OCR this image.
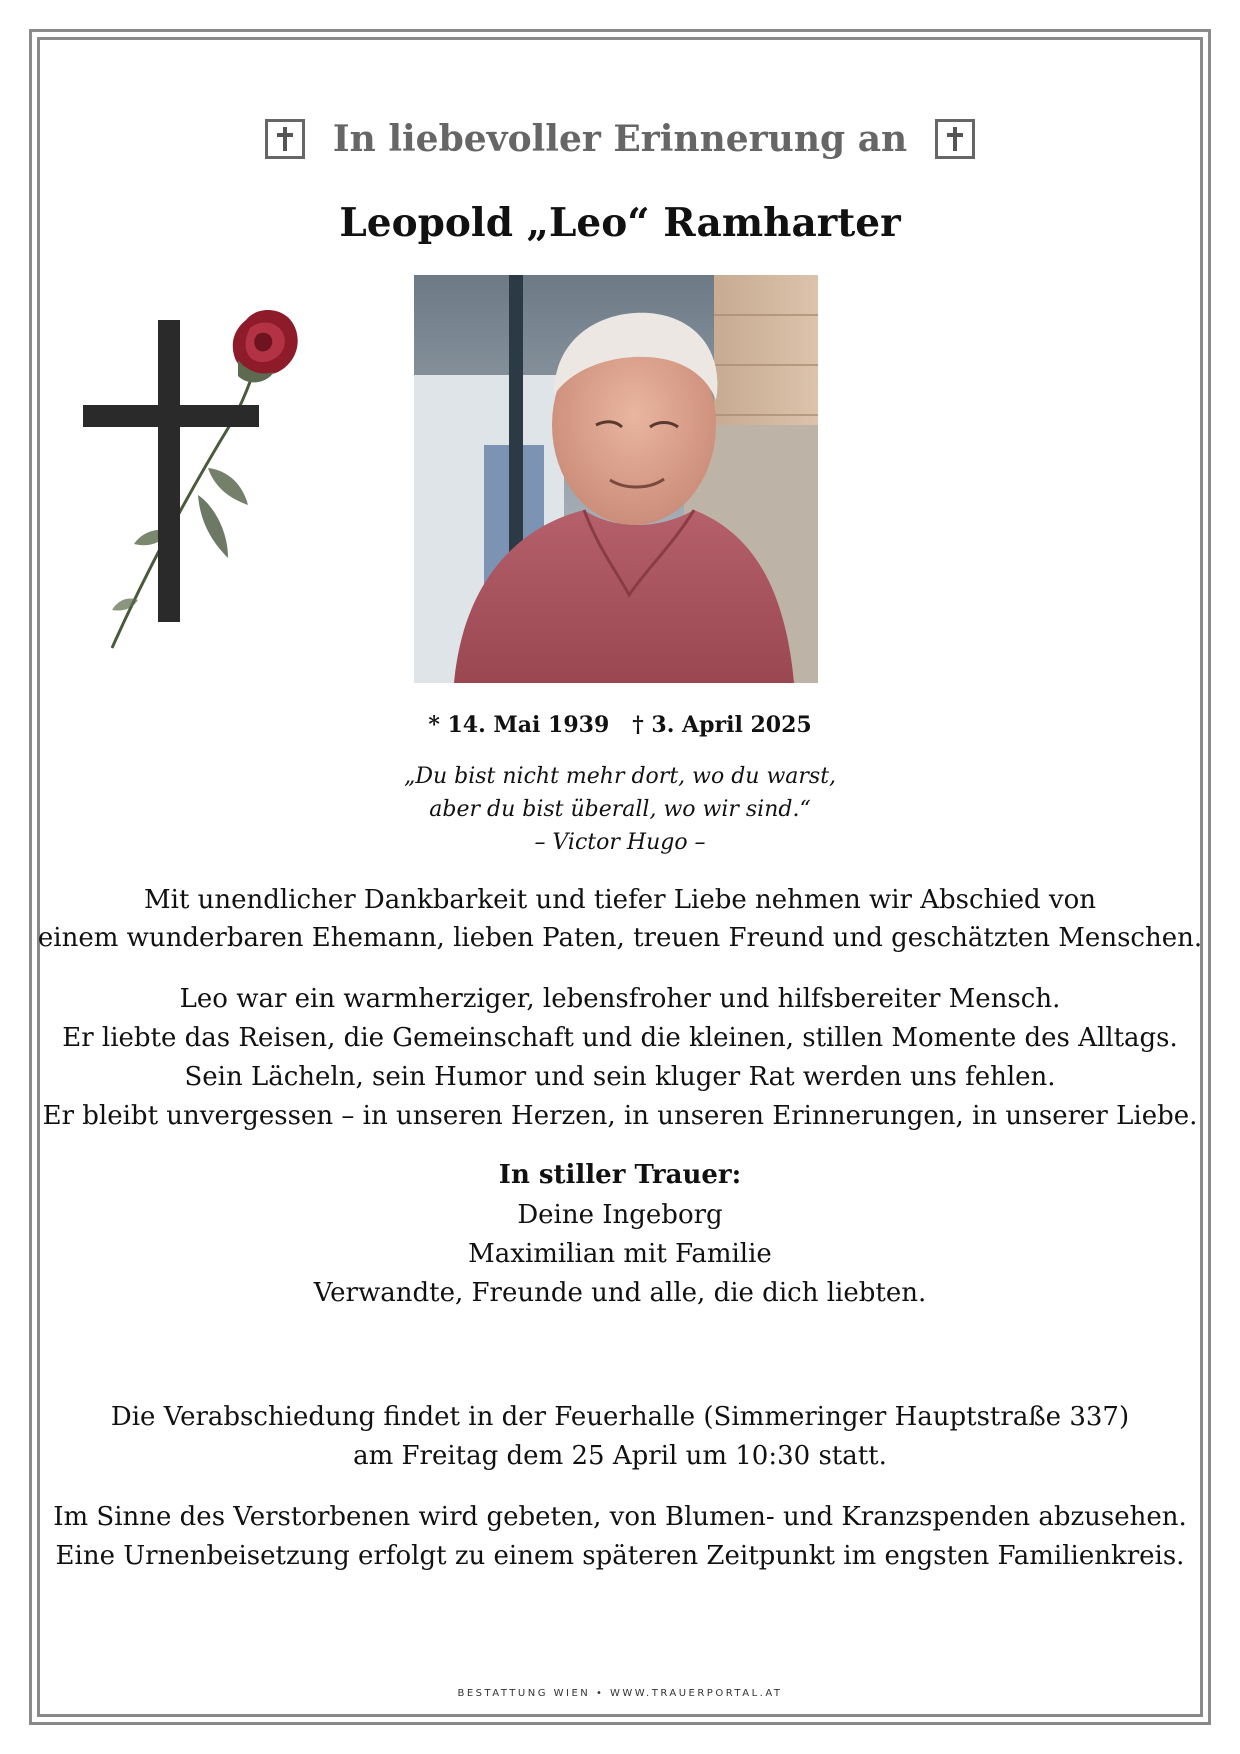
In liebevoller Erinnerung an
Leopold „Leo“ Ramharter
* 14. Mai 1939 † 3. April 2025
„Du bist nicht mehr dort, wo du warst,
aber du bist überall, wo wir sind.“
– Victor Hugo –
Mit unendlicher Dankbarkeit und tiefer Liebe nehmen wir Abschied von
einem wunderbaren Ehemann, lieben Paten, treuen Freund und geschätzten Menschen.
Leo war ein warmherziger, lebensfroher und hilfsbereiter Mensch.
Er liebte das Reisen, die Gemeinschaft und die kleinen, stillen Momente des Alltags.
Sein Lächeln, sein Humor und sein kluger Rat werden uns fehlen.
Er bleibt unvergessen – in unseren Herzen, in unseren Erinnerungen, in unserer Liebe.
In stiller Trauer:
Deine Ingeborg
Maximilian mit Familie
Verwandte, Freunde und alle, die dich liebten.
Die Verabschiedung findet in der Feuerhalle (Simmeringer Hauptstraße 337)
am Freitag dem 25 April um 10:30 statt.
Im Sinne des Verstorbenen wird gebeten, von Blumen- und Kranzspenden abzusehen.
Eine Urnenbeisetzung erfolgt zu einem späteren Zeitpunkt im engsten Familienkreis.
BESTATTUNG WIEN • WWW.TRAUERPORTAL.AT
